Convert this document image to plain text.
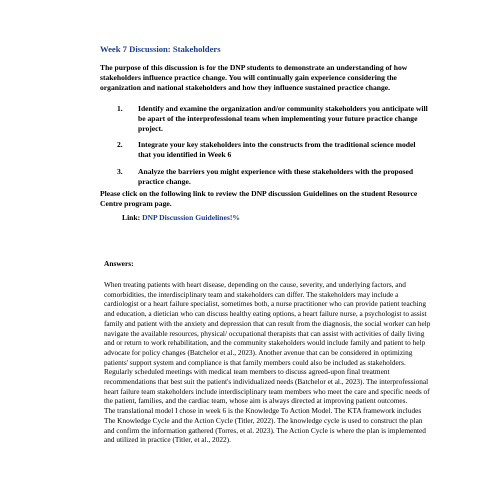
Week 7 Discussion: Stakeholders
The purpose of this discussion is for the DNP students to demonstrate an understanding of how stakeholders influence practice change. You will continually gain experience considering the organization and national stakeholders and how they influence sustained practice change.
1. Identify and examine the organization and/or community stakeholders you anticipate will be apart of the interprofessional team when implementing your future practice change project.
2. Integrate your key stakeholders into the constructs from the traditional science model that you identified in Week 6
3. Analyze the barriers you might experience with these stakeholders with the proposed practice change.
Please click on the following link to review the DNP discussion Guidelines on the student Resource Centre program page.
Link: DNP Discussion Guidelines!%
Answers:

When treating patients with heart disease, depending on the cause, severity, and underlying factors, and comorbidities, the interdisciplinary team and stakeholders can differ. The stakeholders may include a cardiologist or a heart failure specialist, sometimes both, a nurse practitioner who can provide patient teaching and education, a dietician who can discuss healthy eating options, a heart failure nurse, a psychologist to assist family and patient with the anxiety and depression that can result from the diagnosis, the social worker can help navigate the available resources, physical/ occupational therapists that can assist with activities of daily living and or return to work rehabilitation, and the community stakeholders would include family and patient to help advocate for policy changes (Batchelor et al., 2023). Another avenue that can be considered in optimizing patients' support system and compliance is that family members could also be included as stakeholders. Regularly scheduled meetings with medical team members to discuss agreed-upon final treatment recommendations that best suit the patient's individualized needs (Batchelor et al., 2023). The interprofessional heart failure team stakeholders include interdisciplinary team members who meet the care and specific needs of the patient, families, and the cardiac team, whose aim is always directed at improving patient outcomes.

The translational model I chose in week 6 is the Knowledge To Action Model. The KTA framework includes The Knowledge Cycle and the Action Cycle (Titler, 2022). The knowledge cycle is used to construct the plan and confirm the information gathered (Torres, et al. 2023). The Action Cycle is where the plan is implemented and utilized in practice (Titler, et al., 2022).
